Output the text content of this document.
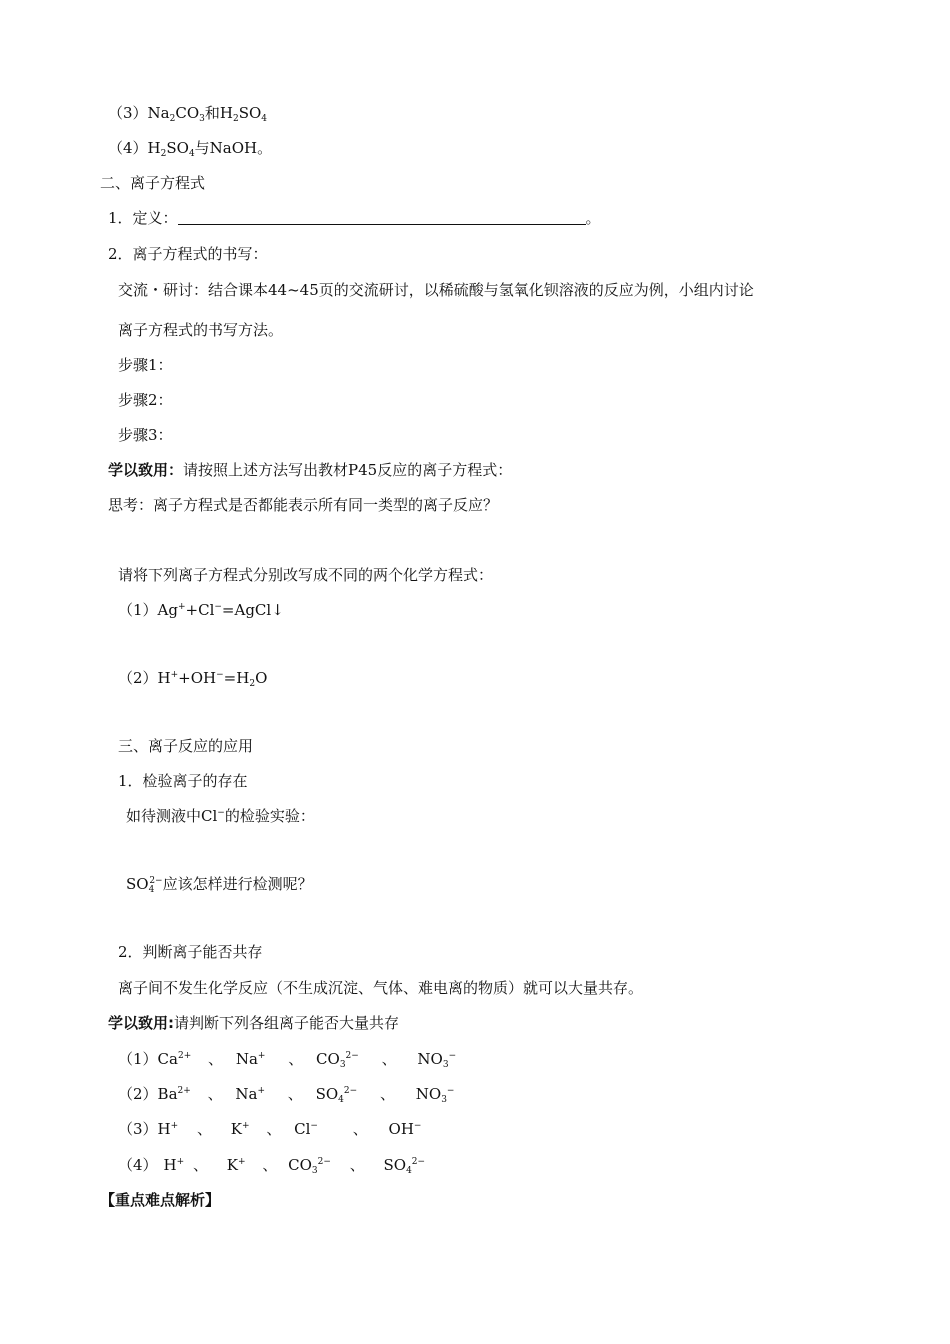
$(3)Na_2CO_3$和$H_2SO_4$
$(4)H_2SO_4$与NaOH。
二、离子方程式
1．定义：	。
2．离子方程式的书写：
交流・研讨：结合课本44~45页的交流研讨，以稀硫酸与氢氧化钡溶液的反应为例，小组内讨论
离子方程式的书写方法。
步骤1：
步骤2：
步骤3：
学以致用：请按照上述方法写出教材P45反应的离子方程式：
思考：离子方程式是否都能表示所有同一类型的离子反应？
请将下列离子方程式分别改写成不同的两个化学方程式：
（1）Ag++Cl−=AgCl↓
$(2)H^++OH^-=H_2O$
三、离子反应的应用
1．检验离子的存在
如待测液中Cl−的检验实验：
$SO_4^{2-}$应该怎样进行检测呢？
2．判断离子能否共存
离子间不发生化学反应（不生成沉淀、气体、难电离的物质）就可以大量共存。
学以致用:请判断下列各组离子能否大量共存
$(1)Ca^{2+}$ 、 Na+ 、 $CO_3^{2-}$ 、 $NO_3^-$
$(2)Ba^{2+}$ 、 Na+ 、 $SO_4^{2-}$ 、 $NO_3^-$
（3）H+ 、 K+ 、 Cl− 、 OH−
（4） H+ 、 K+ 、 $CO_3^{2-}$ 、 $SO_4^{2-}$
【重点难点解析】
